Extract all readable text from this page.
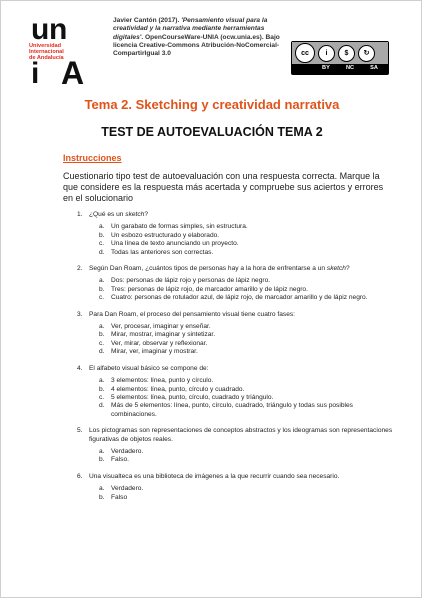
u n
Universidad
Internacional
de Andalucía
i A
Javier Cantón (2017). 'Pensamiento visual para la creatividad y la narrativa mediante herramientas digitales'. OpenCourseWare-UNIA (ocw.unia.es). Bajo licencia Creative-Commons Atribución-NoComercial-CompartirIgual 3.0	cc	i	$	↻
BY	NC	SA
Tema 2. Sketching y creatividad narrativa
TEST DE AUTOEVALUACIÓN TEMA 2
Instrucciones
Cuestionario tipo test de autoevaluación con una respuesta correcta. Marque la que considere es la respuesta más acertada y compruebe sus aciertos y errores en el solucionario
1. ¿Qué es un sketch?
a. Un garabato de formas simples, sin estructura.
b. Un esbozo estructurado y elaborado.
c. Una línea de texto anunciando un proyecto.
d. Todas las anteriores son correctas.
2. Según Dan Roam, ¿cuántos tipos de personas hay a la hora de enfrentarse a un sketch?
a. Dos: personas de lápiz rojo y personas de lápiz negro.
b. Tres: personas de lápiz rojo, de marcador amarillo y de lápiz negro.
c. Cuatro: personas de rotulador azul, de lápiz rojo, de marcador amarillo y de lápiz negro.
3. Para Dan Roam, el proceso del pensamiento visual tiene cuatro fases:
a. Ver, procesar, imaginar y enseñar.
b. Mirar, mostrar, imaginar y sintetizar.
c. Ver, mirar, observar y reflexionar.
d. Mirar, ver, imaginar y mostrar.
4. El alfabeto visual básico se compone de:
a. 3 elementos: línea, punto y círculo.
b. 4 elementos: línea, punto, círculo y cuadrado.
c. 5 elementos: línea, punto, círculo, cuadrado y triángulo.
d. Más de 5 elementos: línea, punto, círculo, cuadrado, triángulo y todas sus posibles combinaciones.
5. Los pictogramas son representaciones de conceptos abstractos y los ideogramas son representaciones figurativas de objetos reales.
a. Verdadero.
b. Falso.
6. Una visualteca es una biblioteca de imágenes a la que recurrir cuando sea necesario.
a. Verdadero.
b. Falso
